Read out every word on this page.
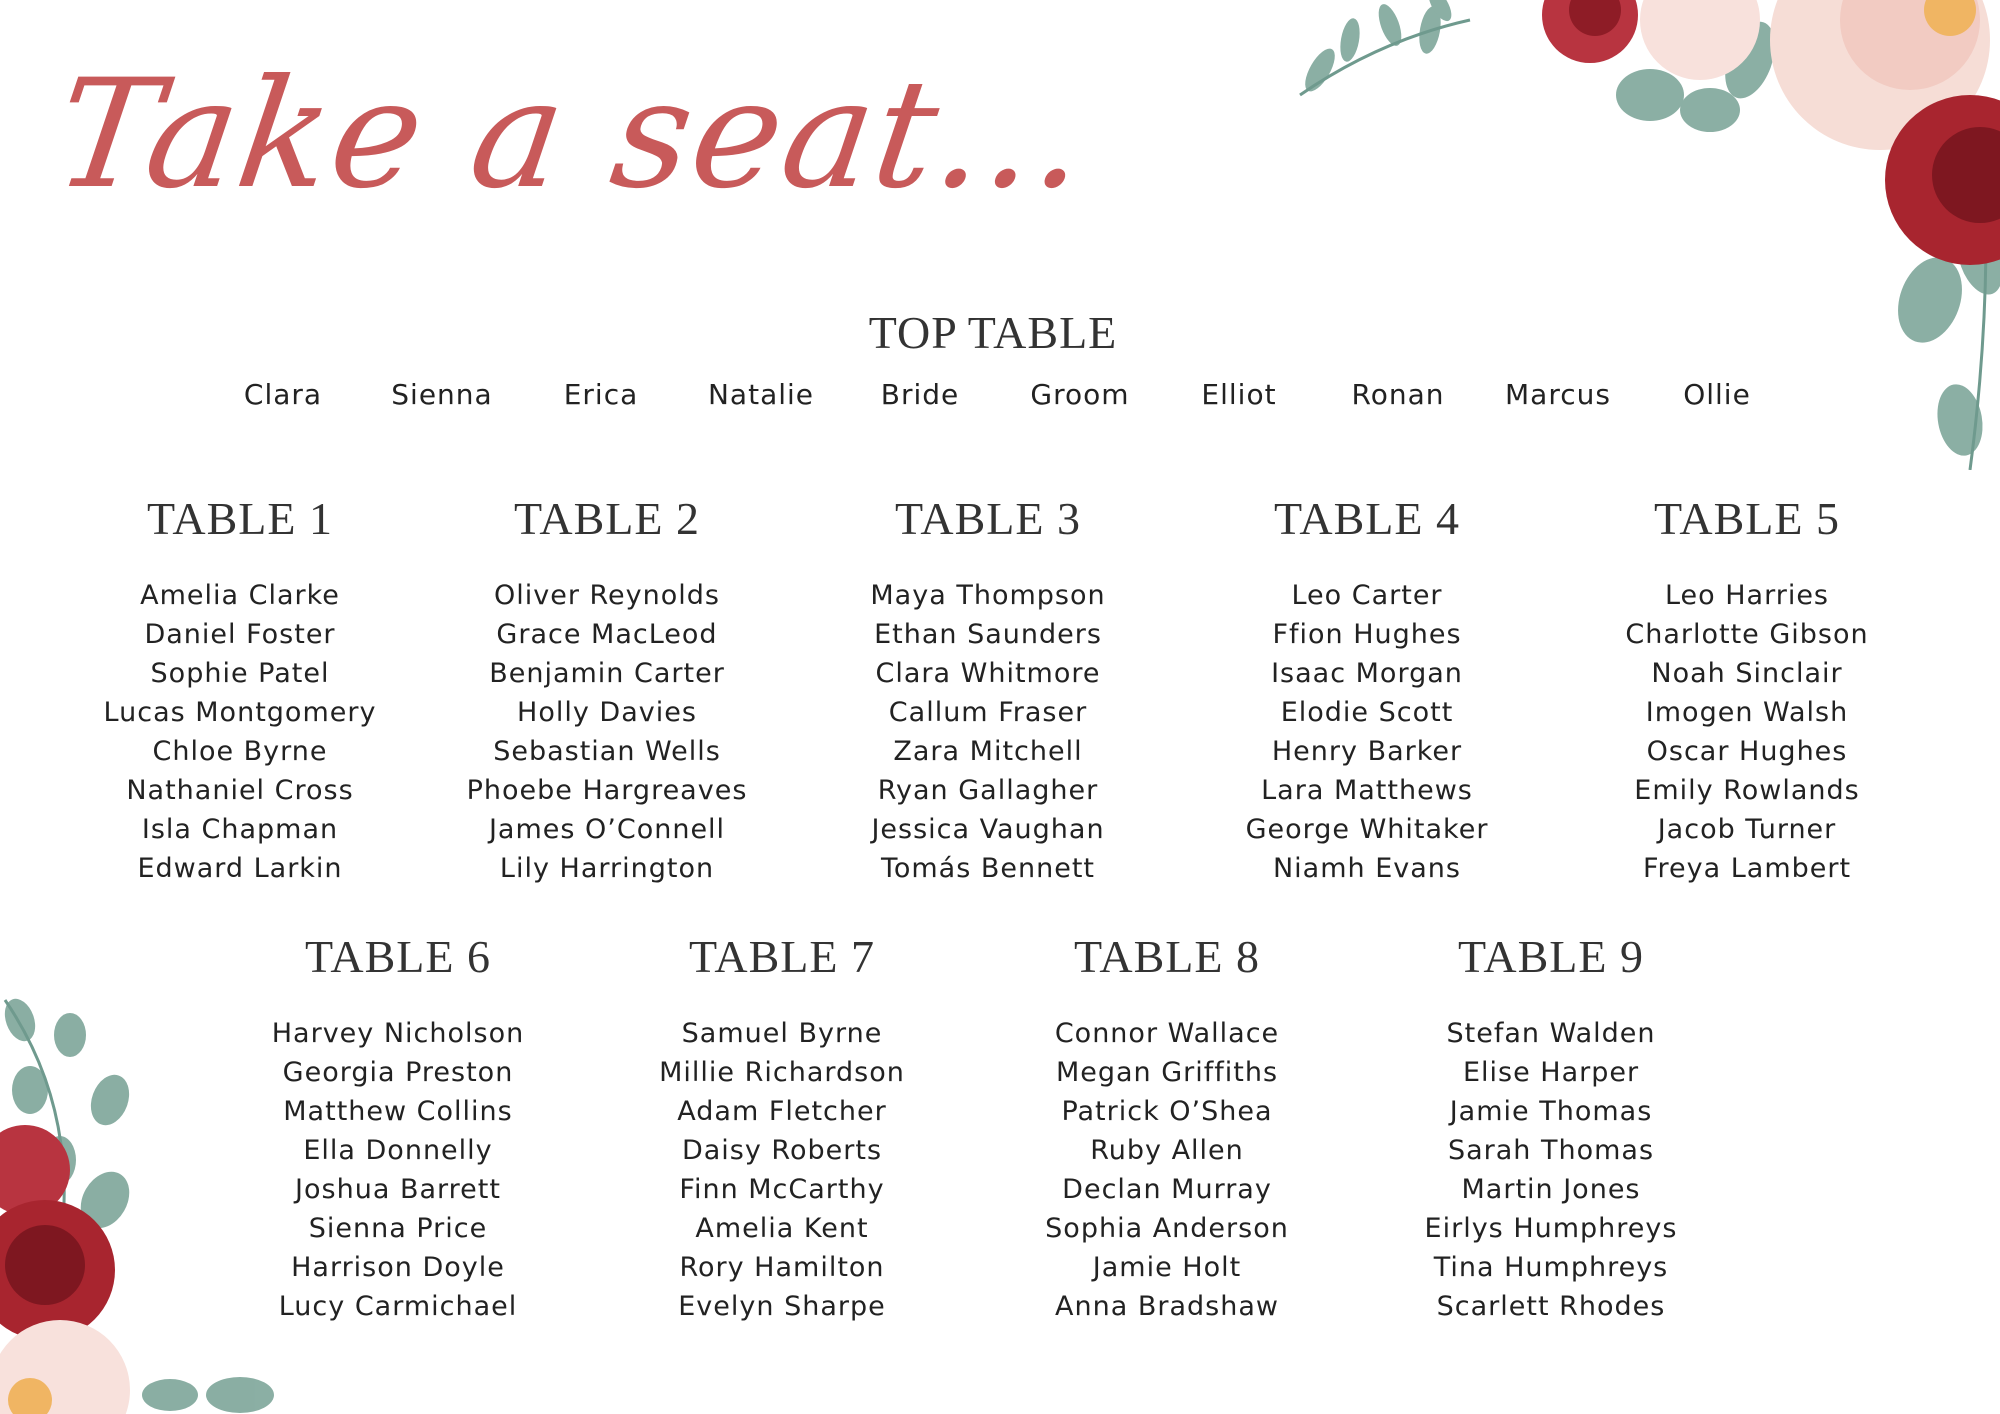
Take a seat...
TOP TABLE
Clara	Sienna	Erica	Natalie	Bride	Groom	Elliot	Ronan	Marcus	Ollie
TABLE 1
Amelia Clarke
Daniel Foster
Sophie Patel
Lucas Montgomery
Chloe Byrne
Nathaniel Cross
Isla Chapman
Edward Larkin
TABLE 2
Oliver Reynolds
Grace MacLeod
Benjamin Carter
Holly Davies
Sebastian Wells
Phoebe Hargreaves
James O’Connell
Lily Harrington
TABLE 3
Maya Thompson
Ethan Saunders
Clara Whitmore
Callum Fraser
Zara Mitchell
Ryan Gallagher
Jessica Vaughan
Tomás Bennett
TABLE 4
Leo Carter
Ffion Hughes
Isaac Morgan
Elodie Scott
Henry Barker
Lara Matthews
George Whitaker
Niamh Evans
TABLE 5
Leo Harries
Charlotte Gibson
Noah Sinclair
Imogen Walsh
Oscar Hughes
Emily Rowlands
Jacob Turner
Freya Lambert
TABLE 6
Harvey Nicholson
Georgia Preston
Matthew Collins
Ella Donnelly
Joshua Barrett
Sienna Price
Harrison Doyle
Lucy Carmichael
TABLE 7
Samuel Byrne
Millie Richardson
Adam Fletcher
Daisy Roberts
Finn McCarthy
Amelia Kent
Rory Hamilton
Evelyn Sharpe
TABLE 8
Connor Wallace
Megan Griffiths
Patrick O’Shea
Ruby Allen
Declan Murray
Sophia Anderson
Jamie Holt
Anna Bradshaw
TABLE 9
Stefan Walden
Elise Harper
Jamie Thomas
Sarah Thomas
Martin Jones
Eirlys Humphreys
Tina Humphreys
Scarlett Rhodes
